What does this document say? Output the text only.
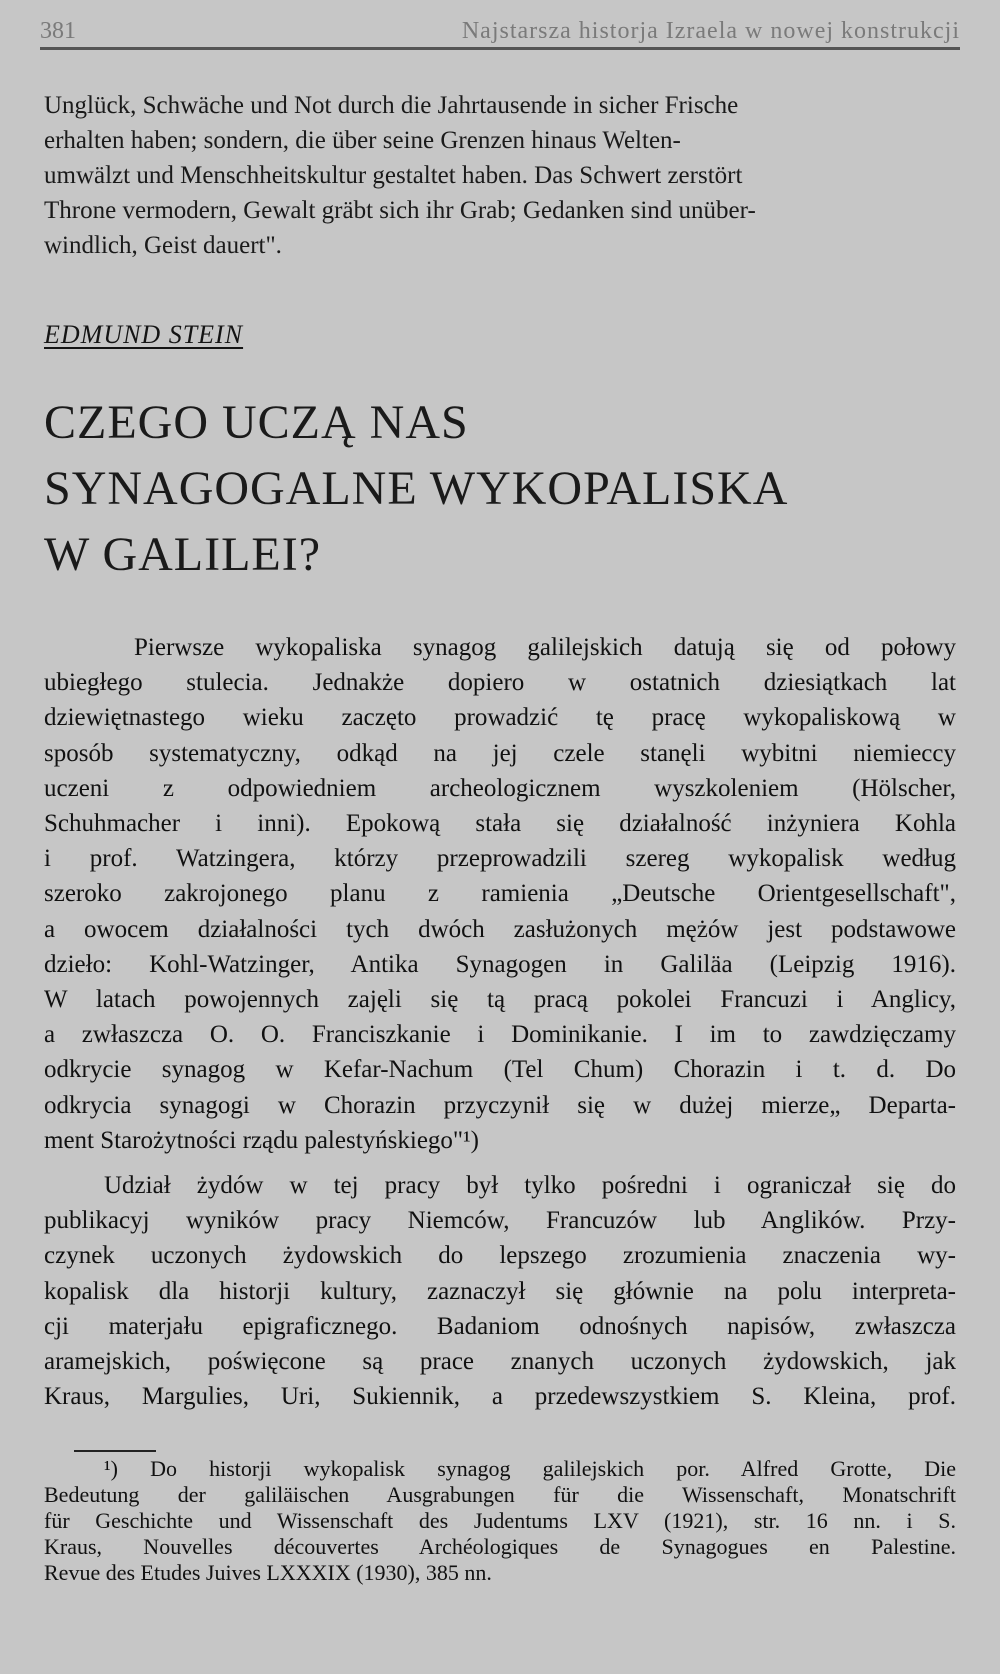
381	Najstarsza historja Izraela w nowej konstrukcji
Unglück, Schwäche und Not durch die Jahrtausende in sicher Frische
erhalten haben; sondern, die über seine Grenzen hinaus Welten-
umwälzt und Menschheitskultur gestaltet haben. Das Schwert zerstört
Throne vermodern, Gewalt gräbt sich ihr Grab; Gedanken sind unüber-
windlich, Geist dauert".
EDMUND STEIN
CZEGO UCZĄ NAS
SYNAGOGALNE WYKOPALISKA
W GALILEI?
Pierwsze wykopaliska synagog galilejskich datują się od połowy
ubiegłego stulecia. Jednakże dopiero w ostatnich dziesiątkach lat
dziewiętnastego wieku zaczęto prowadzić tę pracę wykopaliskową w
sposób systematyczny, odkąd na jej czele stanęli wybitni niemieccy
uczeni z odpowiedniem archeologicznem wyszkoleniem (Hölscher,
Schuhmacher i inni). Epokową stała się działalność inżyniera Kohla
i prof. Watzingera, którzy przeprowadzili szereg wykopalisk według
szeroko zakrojonego planu z ramienia „Deutsche Orientgesellschaft",
a owocem działalności tych dwóch zasłużonych mężów jest podstawowe
dzieło: Kohl-Watzinger, Antika Synagogen in Galiläa (Leipzig 1916).
W latach powojennych zajęli się tą pracą pokolei Francuzi i Anglicy,
a zwłaszcza O. O. Franciszkanie i Dominikanie. I im to zawdzięczamy
odkrycie synagog w Kefar-Nachum (Tel Chum) Chorazin i t. d. Do
odkrycia synagogi w Chorazin przyczynił się w dużej mierze„ Departa-
ment Starożytności rządu palestyńskiego"¹)
Udział żydów w tej pracy był tylko pośredni i ograniczał się do
publikacyj wyników pracy Niemców, Francuzów lub Anglików. Przy-
czynek uczonych żydowskich do lepszego zrozumienia znaczenia wy-
kopalisk dla historji kultury, zaznaczył się głównie na polu interpreta-
cji materjału epigraficznego. Badaniom odnośnych napisów, zwłaszcza
aramejskich, poświęcone są prace znanych uczonych żydowskich, jak
Kraus, Margulies, Uri, Sukiennik, a przedewszystkiem S. Kleina, prof.
¹) Do historji wykopalisk synagog galilejskich por. Alfred Grotte, Die
Bedeutung der galiläischen Ausgrabungen für die Wissenschaft, Monatschrift
für Geschichte und Wissenschaft des Judentums LXV (1921), str. 16 nn. i S.
Kraus, Nouvelles découvertes Archéologiques de Synagogues en Palestine.
Revue des Etudes Juives LXXXIX (1930), 385 nn.
